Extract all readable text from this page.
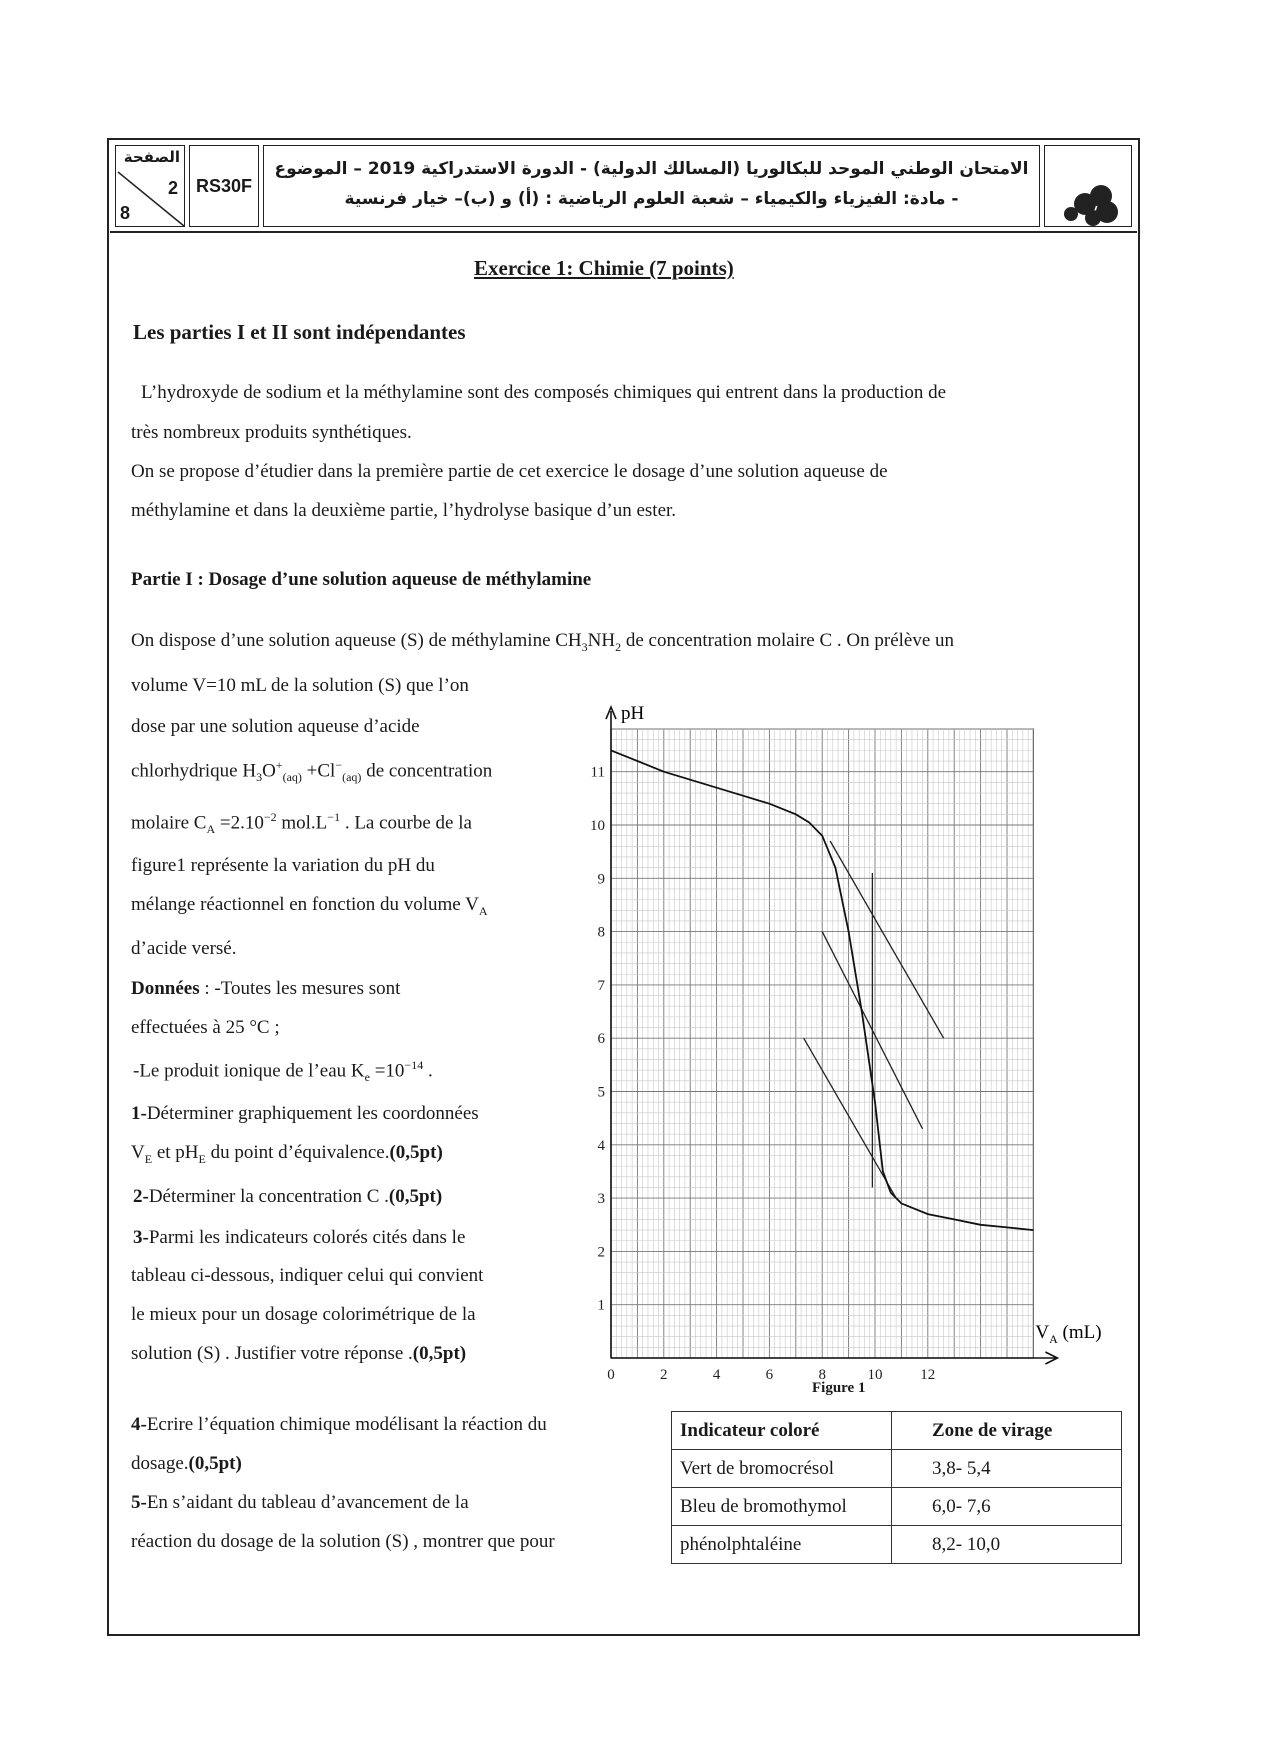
الصفحة
2
8
RS30F
الامتحان الوطني الموحد للبكالوريا (المسالك الدولية) - الدورة الاستدراكية 2019 – الموضوع
- مادة: الفيزياء والكيمياء – شعبة العلوم الرياضية : (أ) و (ب)– خيار فرنسية
Exercice 1: Chimie (7 points)
Les parties I et II sont indépendantes
L’hydroxyde de sodium et la méthylamine sont des composés chimiques qui entrent dans la production de
très nombreux produits synthétiques.
On se propose d’étudier dans la première partie de cet exercice le dosage d’une solution aqueuse de
méthylamine et dans la deuxième partie, l’hydrolyse basique d’un ester.
Partie I : Dosage d’une solution aqueuse de méthylamine
On dispose d’une solution aqueuse (S) de méthylamine $CH_3NH_2$ de concentration molaire C . On prélève un
volume V=10 mL de la solution (S) que l’on
dose par une solution aqueuse d’acide
chlorhydrique $H_3O^+_{(aq)} +Cl^-_{(aq)}$ de concentration
molaire $C_A =2.10^{-2}$ $mol.L^{-1}$ . La courbe de la
figure1 représente la variation du pH du
mélange réactionnel en fonction du volume $V_A$
d’acide versé.
Données : -Toutes les mesures sont
effectuées à 25 °C ;
-Le produit ionique de l’eau $K_e =10^{-14}$ .
1-Déterminer graphiquement les coordonnées
$V_E$ et $pH_E$ du point d’équivalence.(0,5pt)
2-Déterminer la concentration C .(0,5pt)
3-Parmi les indicateurs colorés cités dans le
tableau ci-dessous, indiquer celui qui convient
le mieux pour un dosage colorimétrique de la
solution (S) . Justifier votre réponse .(0,5pt)
4-Ecrire l’équation chimique modélisant la réaction du
dosage.(0,5pt)
5-En s’aidant du tableau d’avancement de la
réaction du dosage de la solution (S) , montrer que pour
0	2	4	6	8	10	12
1
2
3
4
5
6
7
8
9
10
11
pH
$V_A$ (mL)
Figure 1
Indicateur coloré	Zone de virage
Vert de bromocrésol	3,8- 5,4
Bleu de bromothymol	6,0- 7,6
phénolphtaléine	8,2- 10,0
